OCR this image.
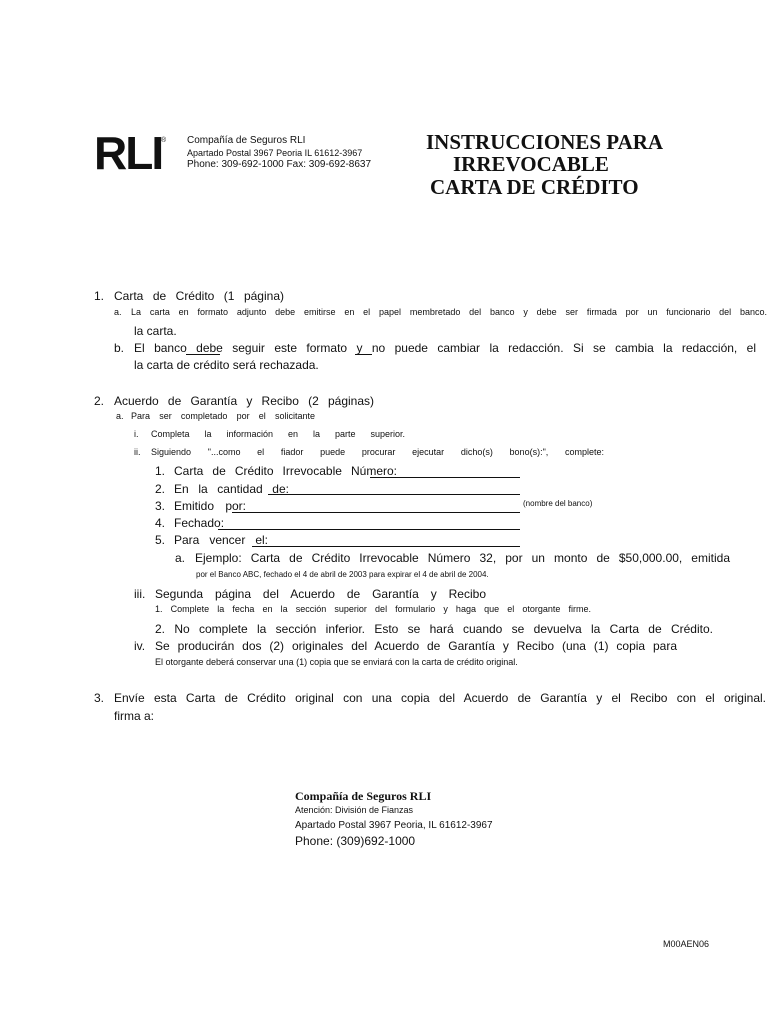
RLI
® Compañía de Seguros RLI
Apartado Postal 3967 Peoria IL 61612-3967
Phone: 309-692-1000 Fax: 309-692-8637
INSTRUCCIONES PARA
IRREVOCABLE
CARTA DE CRÉDITO
1. Carta de Crédito (1 página)
a. La carta en formato adjunto debe emitirse en el papel membretado del banco y debe ser firmada por un funcionario del banco.
la carta.
b. El banco debe seguir este formato y no puede cambiar la redacción. Si se cambia la redacción, el
la carta de crédito será rechazada.
2. Acuerdo de Garantía y Recibo (2 páginas)
a. Para ser completado por el solicitante
i. Completa la información en la parte superior.
ii. Siguiendo "...como el fiador puede procurar ejecutar dicho(s) bono(s):", complete:
1. Carta de Crédito Irrevocable Número:
2. En la cantidad de:
3. Emitido por:	(nombre del banco)
4. Fechado:
5. Para vencer el:
a. Ejemplo: Carta de Crédito Irrevocable Número 32, por un monto de $50,000.00, emitida
por el Banco ABC, fechado el 4 de abril de 2003 para expirar el 4 de abril de 2004.
iii. Segunda página del Acuerdo de Garantía y Recibo
1. Complete la fecha en la sección superior del formulario y haga que el otorgante firme.
2. No complete la sección inferior. Esto se hará cuando se devuelva la Carta de Crédito.
iv. Se producirán dos (2) originales del Acuerdo de Garantía y Recibo (una (1) copia para
El otorgante deberá conservar una (1) copia que se enviará con la carta de crédito original.
3. Envíe esta Carta de Crédito original con una copia del Acuerdo de Garantía y el Recibo con el original.
firma a:
Compañía de Seguros RLI
Atención: División de Fianzas
Apartado Postal 3967 Peoria, IL 61612-3967
Phone: (309)692-1000
M00AEN06
